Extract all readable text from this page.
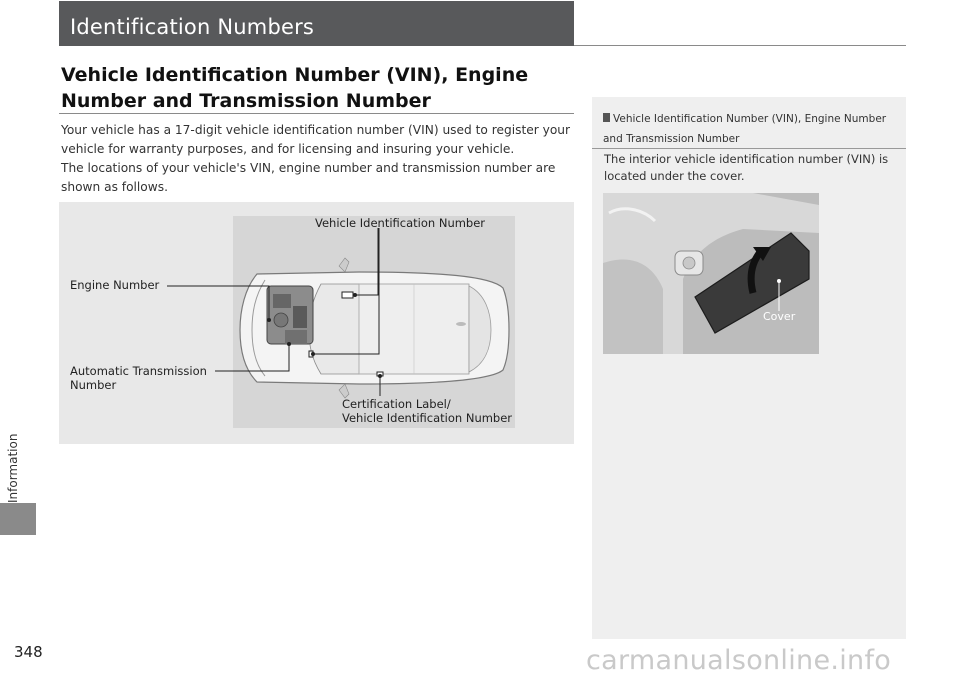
Information
Identification Numbers
Vehicle Identification Number (VIN), Engine Number and Transmission Number

Your vehicle has a 17-digit vehicle identification number (VIN) used to register your vehicle for warranty purposes, and for licensing and insuring your vehicle.

The locations of your vehicle's VIN, engine number and transmission number are shown as follows.

Vehicle Identification Number
Engine Number
Automatic Transmission
Number
Certification Label/
Vehicle Identification Number
Vehicle Identification Number (VIN), Engine Number and Transmission Number
The interior vehicle identification number (VIN) is located under the cover.
Cover
348	carmanualsonline.info
